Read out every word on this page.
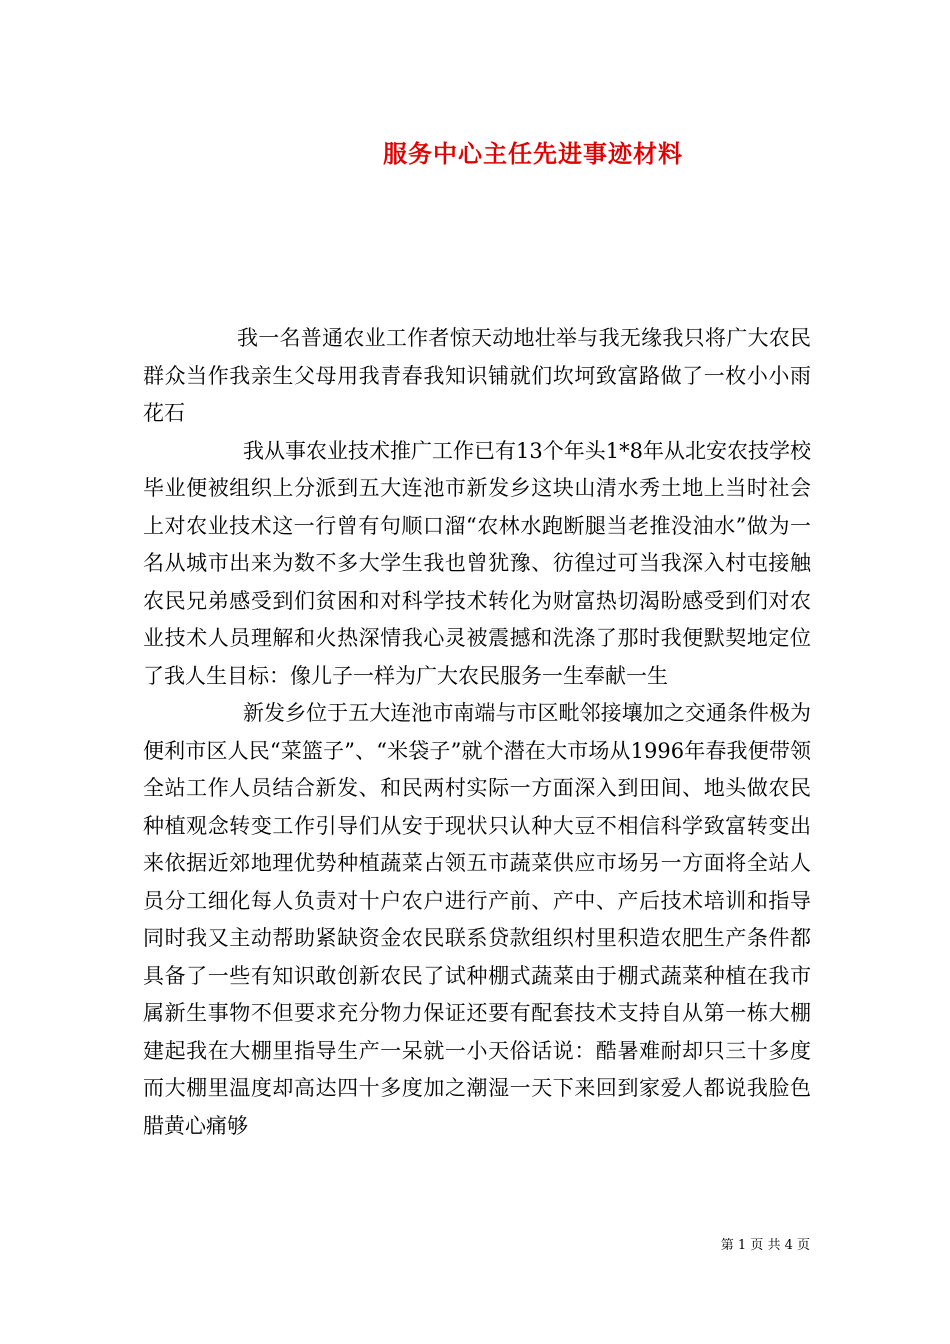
服务中心主任先进事迹材料

我一名普通农业工作者惊天动地壮举与我无缘我只将广大农民群众当作我亲生父母用我青春我知识铺就们坎坷致富路做了一枚小小雨花石

我从事农业技术推广工作已有13个年头1*8年从北安农技学校毕业便被组织上分派到五大连池市新发乡这块山清水秀土地上当时社会上对农业技术这一行曾有句顺口溜“农林水跑断腿当老推没油水”做为一名从城市出来为数不多大学生我也曾犹豫、彷徨过可当我深入村屯接触农民兄弟感受到们贫困和对科学技术转化为财富热切渴盼感受到们对农业技术人员理解和火热深情我心灵被震撼和洗涤了那时我便默契地定位了我人生目标：像儿子一样为广大农民服务一生奉献一生

新发乡位于五大连池市南端与市区毗邻接壤加之交通条件极为便利市区人民“菜篮子”、“米袋子”就个潜在大市场从1996年春我便带领全站工作人员结合新发、和民两村实际一方面深入到田间、地头做农民种植观念转变工作引导们从安于现状只认种大豆不相信科学致富转变出来依据近郊地理优势种植蔬菜占领五市蔬菜供应市场另一方面将全站人员分工细化每人负责对十户农户进行产前、产中、产后技术培训和指导同时我又主动帮助紧缺资金农民联系贷款组织村里积造农肥生产条件都具备了一些有知识敢创新农民了试种棚式蔬菜由于棚式蔬菜种植在我市属新生事物不但要求充分物力保证还要有配套技术支持自从第一栋大棚建起我在大棚里指导生产一呆就一小天俗话说：酷暑难耐却只三十多度而大棚里温度却高达四十多度加之潮湿一天下来回到家爱人都说我脸色腊黄心痛够

第 1 页 共 4 页
